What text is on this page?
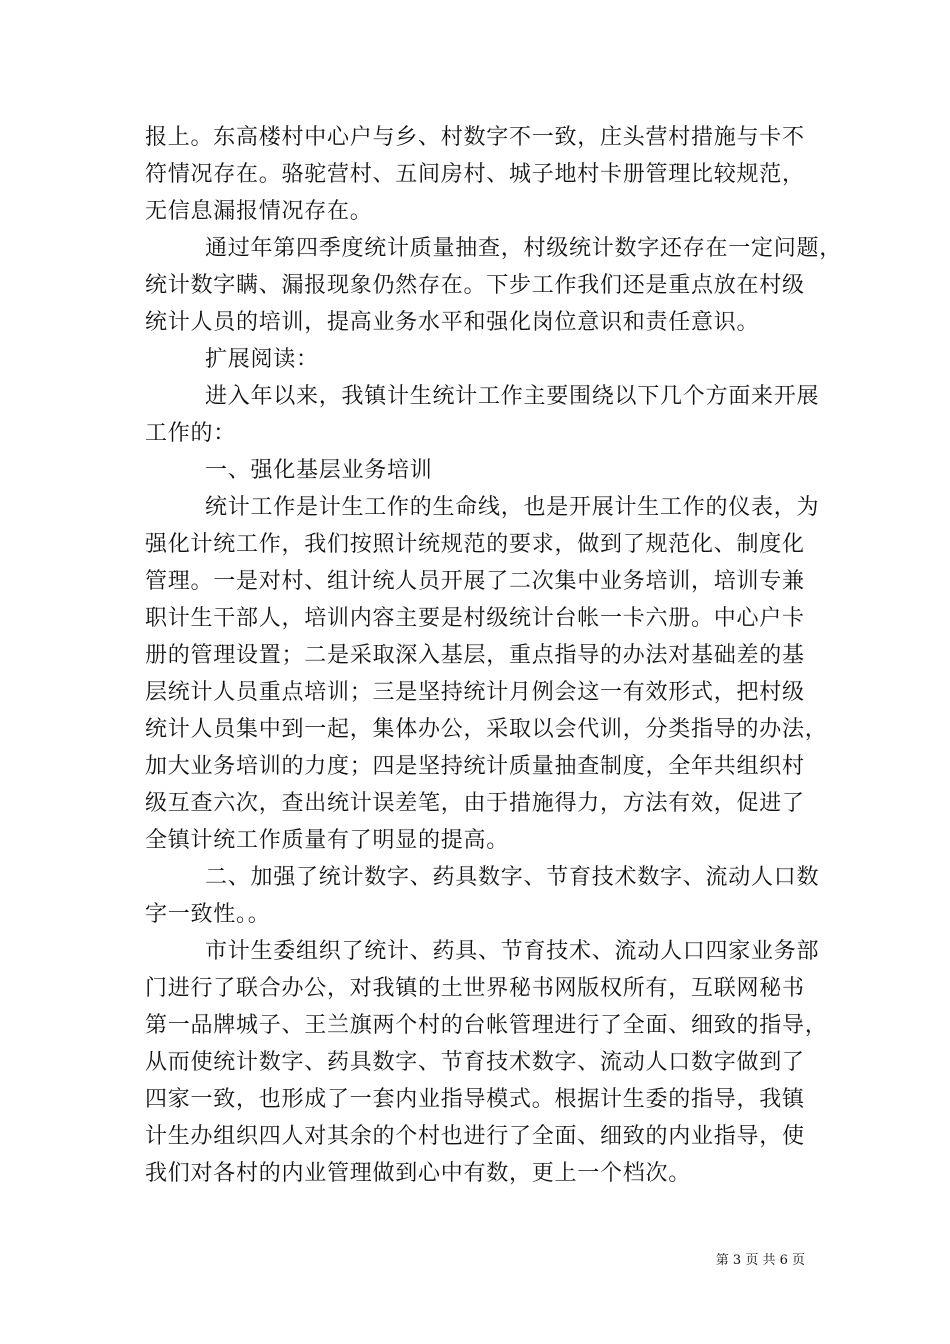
报上。东高楼村中心户与乡、村数字不一致，庄头营村措施与卡不
符情况存在。骆驼营村、五间房村、城子地村卡册管理比较规范，
无信息漏报情况存在。
通过年第四季度统计质量抽查，村级统计数字还存在一定问题，
统计数字瞒、漏报现象仍然存在。下步工作我们还是重点放在村级
统计人员的培训，提高业务水平和强化岗位意识和责任意识。
扩展阅读：
进入年以来，我镇计生统计工作主要围绕以下几个方面来开展
工作的：
一、强化基层业务培训
统计工作是计生工作的生命线，也是开展计生工作的仪表，为
强化计统工作，我们按照计统规范的要求，做到了规范化、制度化
管理。一是对村、组计统人员开展了二次集中业务培训，培训专兼
职计生干部人，培训内容主要是村级统计台帐一卡六册。中心户卡
册的管理设置；二是采取深入基层，重点指导的办法对基础差的基
层统计人员重点培训；三是坚持统计月例会这一有效形式，把村级
统计人员集中到一起，集体办公，采取以会代训，分类指导的办法，
加大业务培训的力度；四是坚持统计质量抽查制度，全年共组织村
级互查六次，查出统计误差笔，由于措施得力，方法有效，促进了
全镇计统工作质量有了明显的提高。
二、加强了统计数字、药具数字、节育技术数字、流动人口数
字一致性。。
市计生委组织了统计、药具、节育技术、流动人口四家业务部
门进行了联合办公，对我镇的土世界秘书网版权所有，互联网秘书
第一品牌城子、王兰旗两个村的台帐管理进行了全面、细致的指导，
从而使统计数字、药具数字、节育技术数字、流动人口数字做到了
四家一致，也形成了一套内业指导模式。根据计生委的指导，我镇
计生办组织四人对其余的个村也进行了全面、细致的内业指导，使
我们对各村的内业管理做到心中有数，更上一个档次。
第 3 页 共 6 页
